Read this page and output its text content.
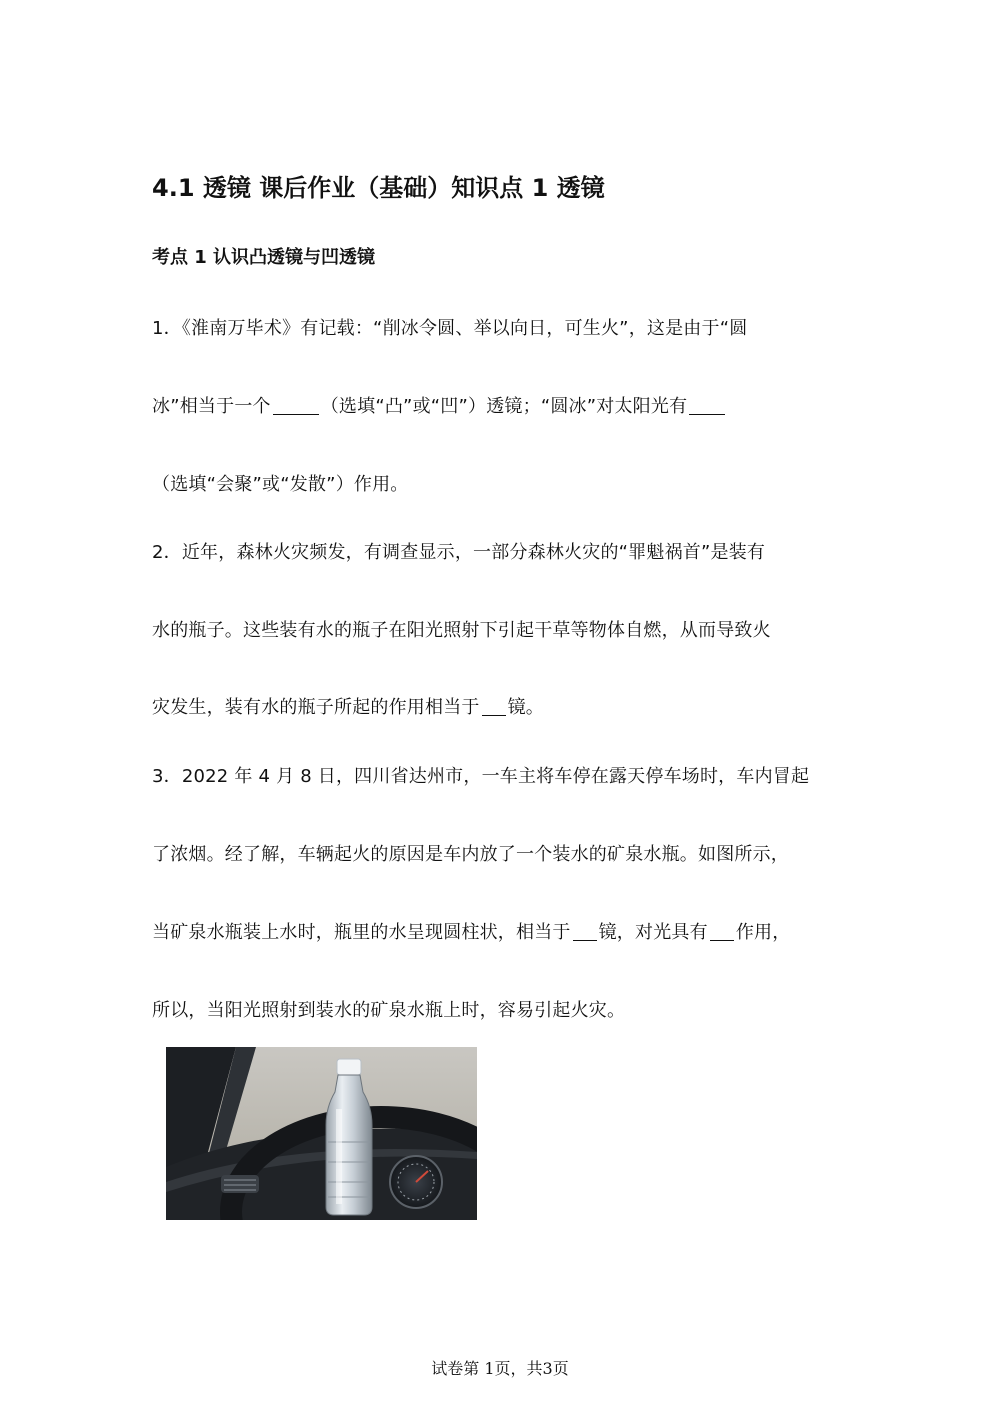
4.1 透镜 课后作业（基础）知识点 1 透镜
考点 1 认识凸透镜与凹透镜
1．《淮南万毕术》有记载：“削冰令圆、举以向日，可生火”，这是由于“圆
冰”相当于一个	（选填“凸”或“凹”）透镜；“圆冰”对太阳光有
（选填“会聚”或“发散”）作用。
2．近年，森林火灾频发，有调查显示，一部分森林火灾的“罪魁祸首”是装有
水的瓶子。这些装有水的瓶子在阳光照射下引起干草等物体自燃，从而导致火
灾发生，装有水的瓶子所起的作用相当于 镜。
3．2022 年 4 月 8 日，四川省达州市，一车主将车停在露天停车场时，车内冒起
了浓烟。经了解，车辆起火的原因是车内放了一个装水的矿泉水瓶。如图所示，
当矿泉水瓶装上水时，瓶里的水呈现圆柱状，相当于 镜，对光具有 作用，
所以，当阳光照射到装水的矿泉水瓶上时，容易引起火灾。
试卷第 1页，共3页
